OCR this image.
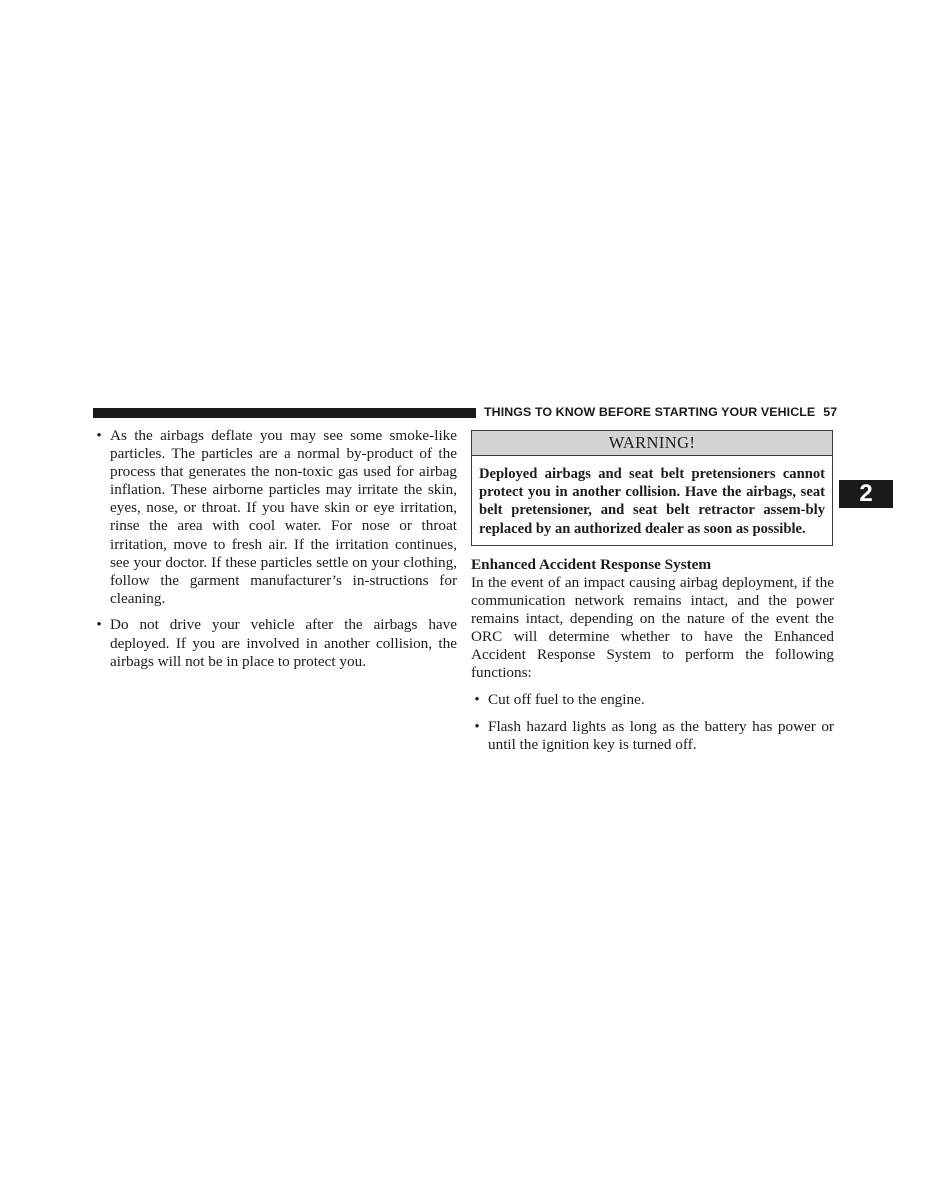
THINGS TO KNOW BEFORE STARTING YOUR VEHICLE 57
2
• As the airbags deflate you may see some smoke-like particles. The particles are a normal by-product of the process that generates the non-toxic gas used for airbag inflation. These airborne particles may irritate the skin, eyes, nose, or throat. If you have skin or eye irritation, rinse the area with cool water. For nose or throat irritation, move to fresh air. If the irritation continues, see your doctor. If these particles settle on your clothing, follow the garment manufacturer’s in-structions for cleaning.
• Do not drive your vehicle after the airbags have deployed. If you are involved in another collision, the airbags will not be in place to protect you.
WARNING!
Deployed airbags and seat belt pretensioners cannot protect you in another collision. Have the airbags, seat belt pretensioner, and seat belt retractor assem-bly replaced by an authorized dealer as soon as possible.
Enhanced Accident Response System

In the event of an impact causing airbag deployment, if the communication network remains intact, and the power remains intact, depending on the nature of the event the ORC will determine whether to have the Enhanced Accident Response System to perform the following functions:

• Cut off fuel to the engine.
• Flash hazard lights as long as the battery has power or until the ignition key is turned off.
